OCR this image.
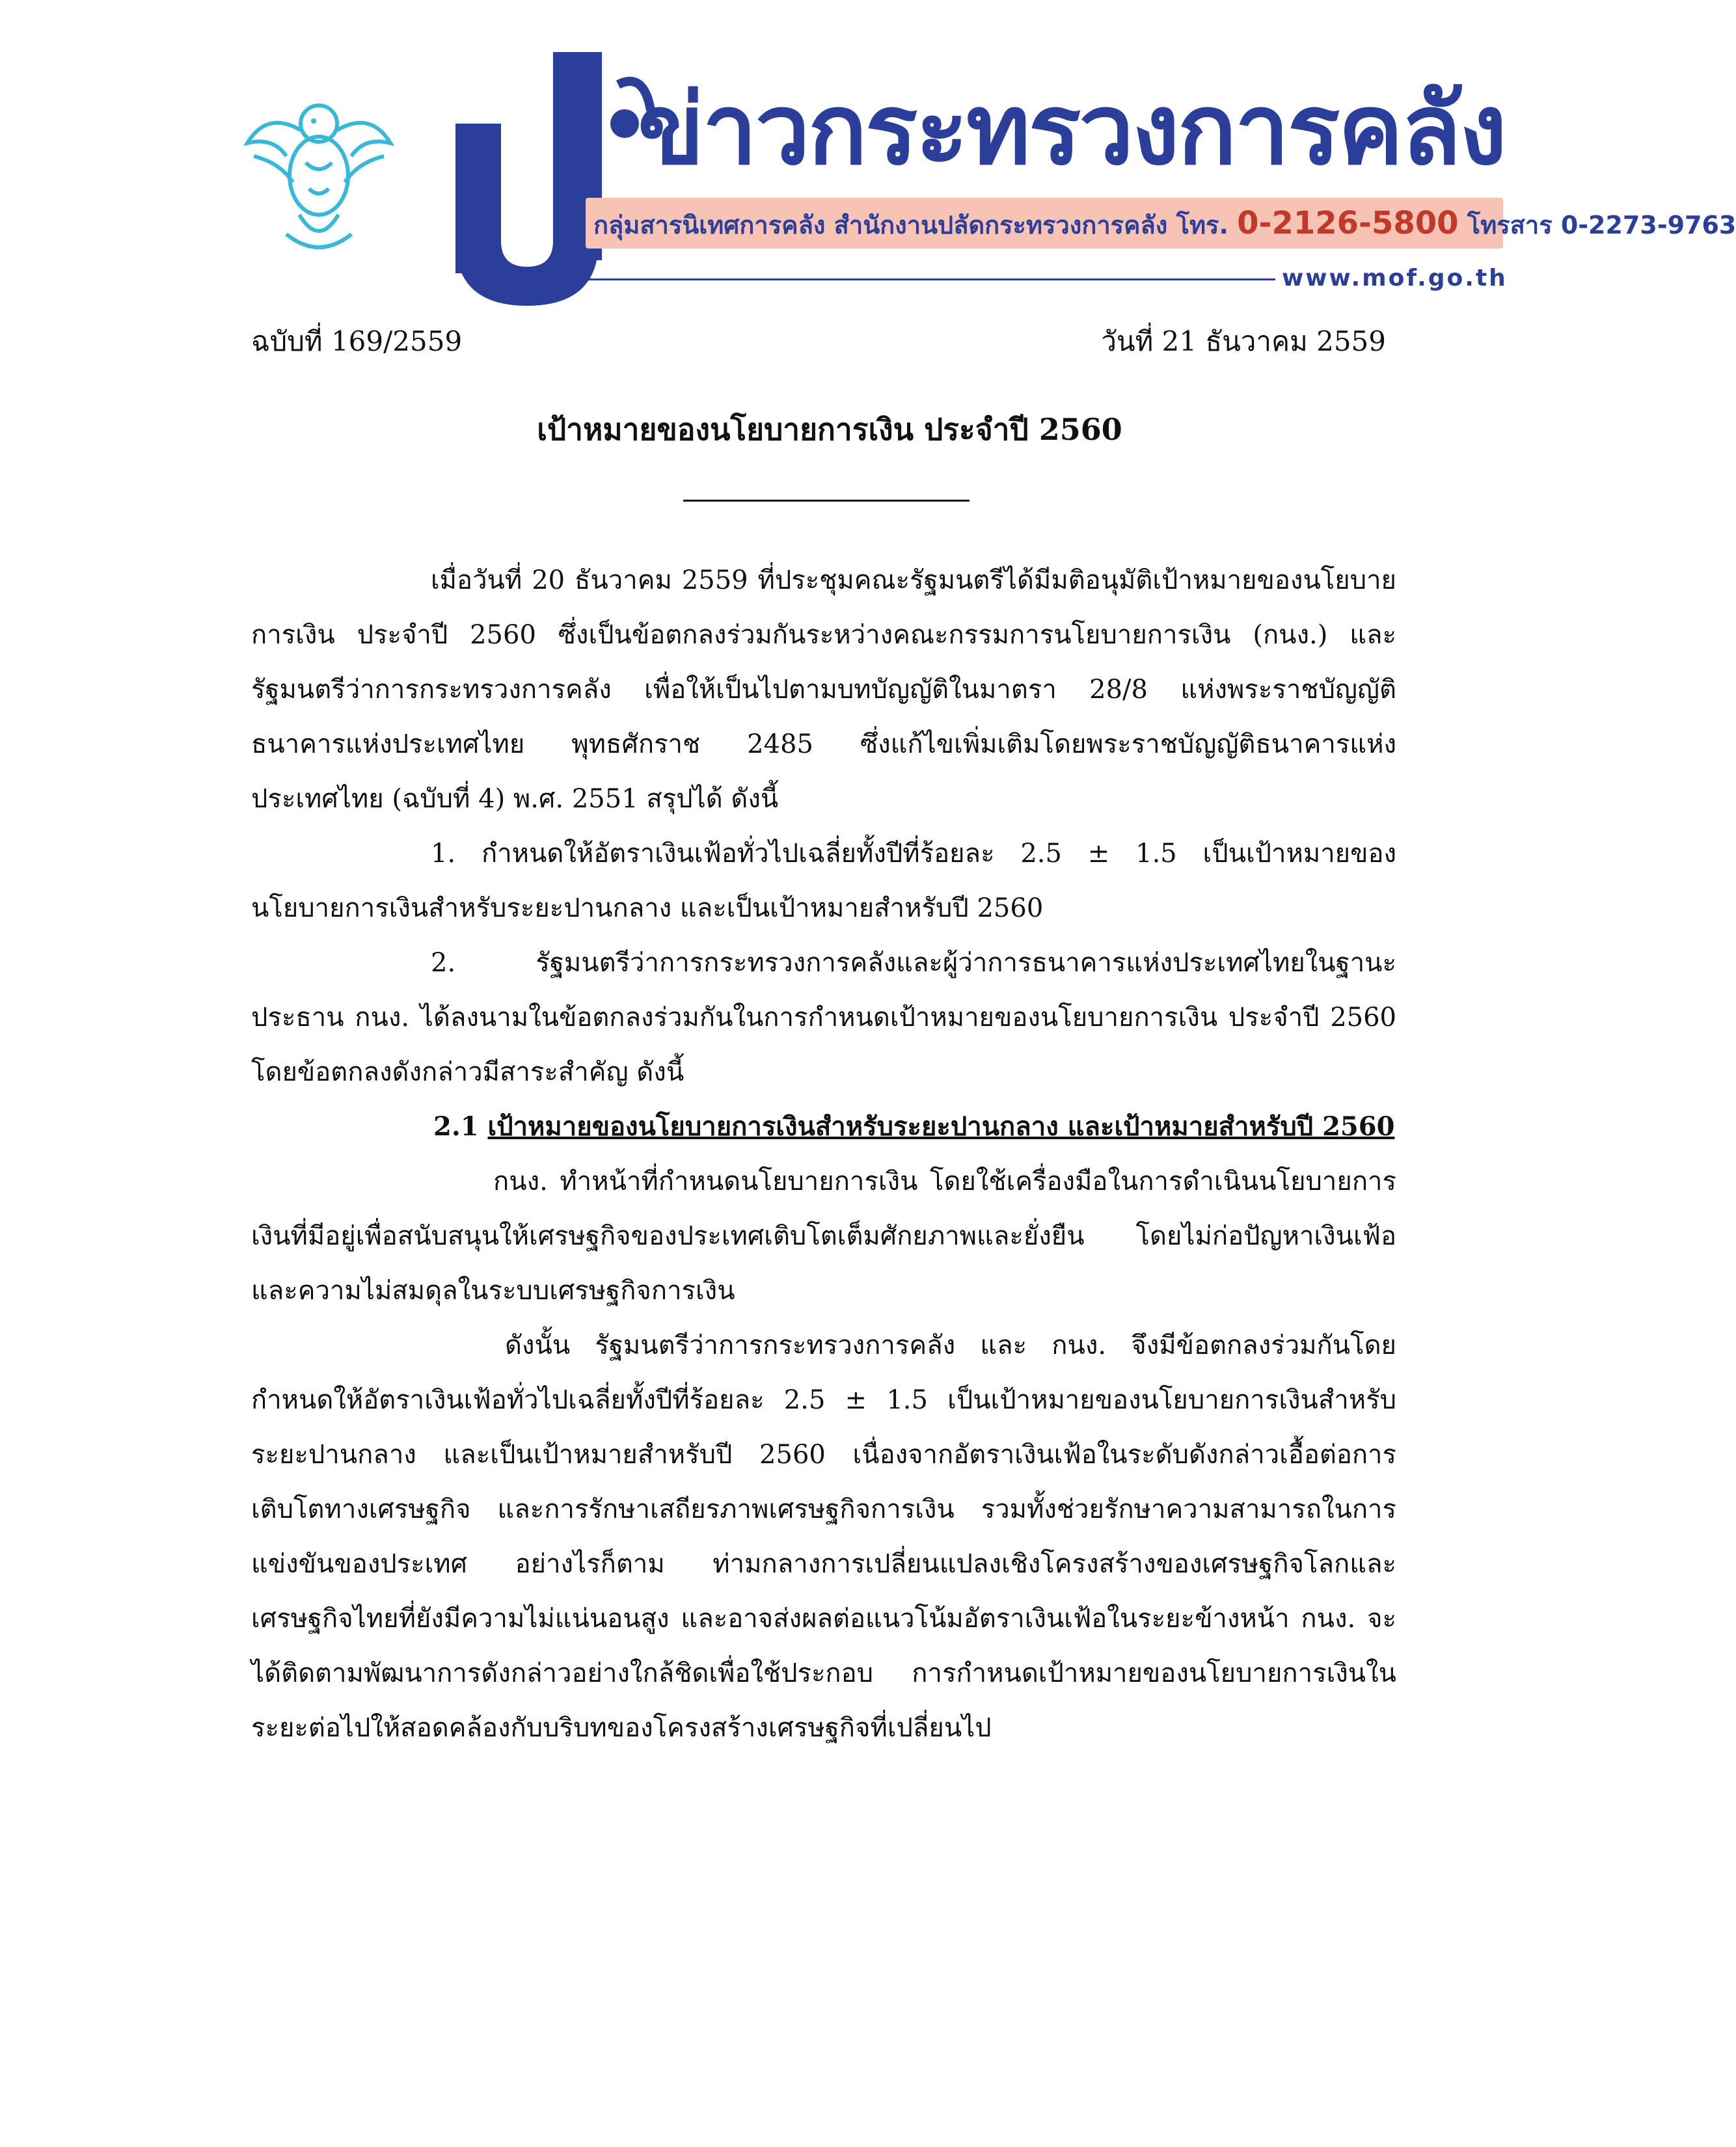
ข่าวกระทรวงการคลัง
กลุ่มสารนิเทศการคลัง สำนักงานปลัดกระทรวงการคลัง โทร. 0-2126-5800 โทรสาร 0-2273-9763
www.mof.go.th
ฉบับที่ 169/2559	วันที่ 21 ธันวาคม 2559
เป้าหมายของนโยบายการเงิน ประจำปี 2560

เมื่อวันที่ 20 ธันวาคม 2559 ที่ประชุมคณะรัฐมนตรีได้มีมติอนุมัติเป้าหมายของนโยบายการเงิน ประจำปี 2560 ซึ่งเป็นข้อตกลงร่วมกันระหว่างคณะกรรมการนโยบายการเงิน (กนง.) และรัฐมนตรีว่าการกระทรวงการคลัง เพื่อให้เป็นไปตามบทบัญญัติในมาตรา 28/8 แห่งพระราชบัญญัติธนาคารแห่งประเทศไทย พุทธศักราช 2485 ซึ่งแก้ไขเพิ่มเติมโดยพระราชบัญญัติธนาคารแห่งประเทศไทย (ฉบับที่ 4) พ.ศ. 2551 สรุปได้ ดังนี้

1. กำหนดให้อัตราเงินเฟ้อทั่วไปเฉลี่ยทั้งปีที่ร้อยละ 2.5 ± 1.5 เป็นเป้าหมายของนโยบายการเงินสำหรับระยะปานกลาง และเป็นเป้าหมายสำหรับปี 2560

2. รัฐมนตรีว่าการกระทรวงการคลังและผู้ว่าการธนาคารแห่งประเทศไทยในฐานะประธาน กนง. ได้ลงนามในข้อตกลงร่วมกันในการกำหนดเป้าหมายของนโยบายการเงิน ประจำปี 2560 โดยข้อตกลงดังกล่าวมีสาระสำคัญ ดังนี้

2.1 เป้าหมายของนโยบายการเงินสำหรับระยะปานกลาง และเป้าหมายสำหรับปี 2560

กนง. ทำหน้าที่กำหนดนโยบายการเงิน โดยใช้เครื่องมือในการดำเนินนโยบายการเงินที่มีอยู่เพื่อสนับสนุนให้เศรษฐกิจของประเทศเติบโตเต็มศักยภาพและยั่งยืน โดยไม่ก่อปัญหาเงินเฟ้อ และความไม่สมดุลในระบบเศรษฐกิจการเงิน

ดังนั้น รัฐมนตรีว่าการกระทรวงการคลัง และ กนง. จึงมีข้อตกลงร่วมกันโดยกำหนดให้อัตราเงินเฟ้อทั่วไปเฉลี่ยทั้งปีที่ร้อยละ 2.5 ± 1.5 เป็นเป้าหมายของนโยบายการเงินสำหรับระยะปานกลาง และเป็นเป้าหมายสำหรับปี 2560 เนื่องจากอัตราเงินเฟ้อในระดับดังกล่าวเอื้อต่อการเติบโตทางเศรษฐกิจ และการรักษาเสถียรภาพเศรษฐกิจการเงิน รวมทั้งช่วยรักษาความสามารถในการแข่งขันของประเทศ อย่างไรก็ตาม ท่ามกลางการเปลี่ยนแปลงเชิงโครงสร้างของเศรษฐกิจโลกและเศรษฐกิจไทยที่ยังมีความไม่แน่นอนสูง และอาจส่งผลต่อแนวโน้มอัตราเงินเฟ้อในระยะข้างหน้า กนง. จะได้ติดตามพัฒนาการดังกล่าวอย่างใกล้ชิดเพื่อใช้ประกอบ การกำหนดเป้าหมายของนโยบายการเงินในระยะต่อไปให้สอดคล้องกับบริบทของโครงสร้างเศรษฐกิจที่เปลี่ยนไป
